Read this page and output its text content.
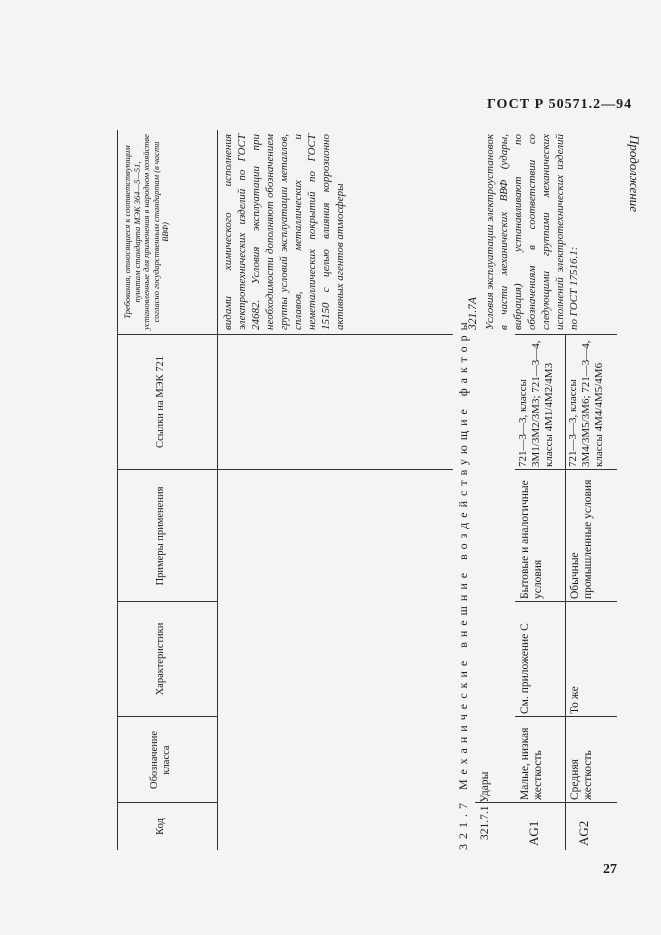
ГОСТ Р 50571.2—94
Продолжение
27
Код
Обозначение класса
Характеристики
Примеры применения
Ссылки на МЭК 721
Требования, относящиеся к соответствующим пунктам стандарта МЭК 364—5—51, установленные для применения в народном хозяйстве согласно государственным стандартам (в части ВВФ)	видами химического исполнения электротехнических изделий по ГОСТ 24682. Условия эксплуатации при необходимости дополняют обозначением группы условий эксплуатации металлов, сплавов, металлических и неметаллических покрытий по ГОСТ 15150 с целью влияния коррозионно активных агентов атмосферы
321.7 Механические внешние воздействующие факторы 321.7.1 Удары
321.7А
AG1
Малые, низкая жесткость
См. приложение С
Бытовые и аналогичные условия
721—3—3, классы 3M1/3M2/3M3; 721—3—4, классы 4M1/4M2/4M3
AG2
Средняя жесткость
То же
Обычные промышленные условия
721—3—3, классы 3M4/3M5/3M6; 721—3—4, классы 4M4/4M5/4M6
Условия эксплуатации электроустановок в части механических ВВФ (удары, вибрация) устанавливают по обозначениям в соответствии со следующими группами механических исполнений электротехнических изделий по ГОСТ 17516.1:
